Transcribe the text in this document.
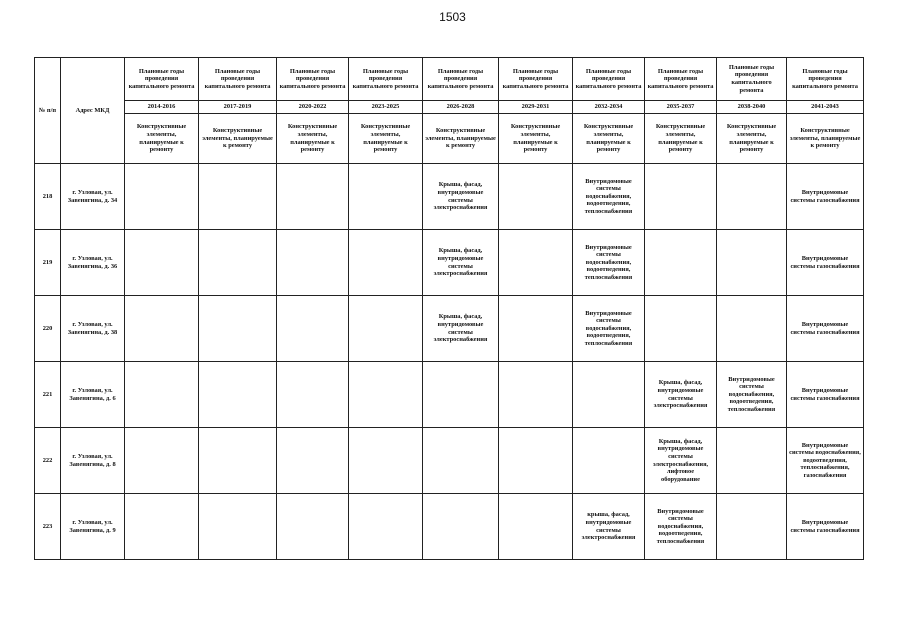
1503
№ п/п	Адрес МКД	Плановые годы проведения капитального ремонта	Плановые годы проведения капитального ремонта	Плановые годы проведения капитального ремонта	Плановые годы проведения капитального ремонта	Плановые годы проведения капитального ремонта	Плановые годы проведения капитального ремонта	Плановые годы проведения капитального ремонта	Плановые годы проведения капитального ремонта	Плановые годы проведения капитального ремонта	Плановые годы проведения капитального ремонта
		2014-2016	2017-2019	2020-2022	2023-2025	2026-2028	2029-2031	2032-2034	2035-2037	2038-2040	2041-2043
		Конструктивные элементы, планируемые к ремонту	Конструктивные элементы, планируемые к ремонту	Конструктивные элементы, планируемые к ремонту	Конструктивные элементы, планируемые к ремонту	Конструктивные элементы, планируемые к ремонту	Конструктивные элементы, планируемые к ремонту	Конструктивные элементы, планируемые к ремонту	Конструктивные элементы, планируемые к ремонту	Конструктивные элементы, планируемые к ремонту	Конструктивные элементы, планируемые к ремонту
218	г. Узловая, ул. Завенягина, д. 34					Крыша, фасад, внутридомовые системы электроснабжения		Внутридомовые системы водоснабжения, водоотведения, теплоснабжения			Внутридомовые системы газоснабжения
219	г. Узловая, ул. Завенягина, д. 36					Крыша, фасад, внутридомовые системы электроснабжения		Внутридомовые системы водоснабжения, водоотведения, теплоснабжения			Внутридомовые системы газоснабжения
220	г. Узловая, ул. Завенягина, д. 38					Крыша, фасад, внутридомовые системы электроснабжения		Внутридомовые системы водоснабжения, водоотведения, теплоснабжения			Внутридомовые системы газоснабжения
221	г. Узловая, ул. Завенягина, д. 6								Крыша, фасад, внутридомовые системы электроснабжения	Внутридомовые системы водоснабжения, водоотведения, теплоснабжения	Внутридомовые системы газоснабжения
222	г. Узловая, ул. Завенягина, д. 8								Крыша, фасад, внутридомовые системы электроснабжения, лифтовое оборудование		Внутридомовые системы водоснабжения, водоотведения, теплоснабжения, газоснабжения
223	г. Узловая, ул. Завенягина, д. 9							крыша, фасад, внутридомовые системы электроснабжения	Внутридомовые системы водоснабжения, водоотведения, теплоснабжения		Внутридомовые системы газоснабжения
